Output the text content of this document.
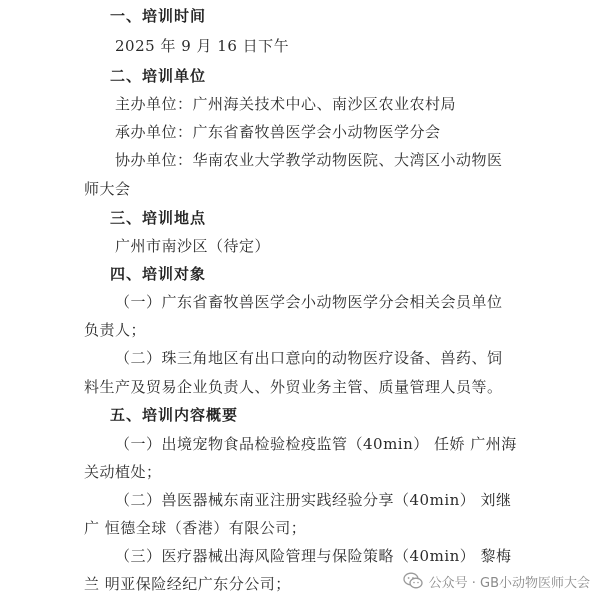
一、培训时间
2025 年 9 月 16 日下午
二、培训单位
主办单位：广州海关技术中心、南沙区农业农村局
承办单位：广东省畜牧兽医学会小动物医学分会
协办单位：华南农业大学教学动物医院、大湾区小动物医
师大会
三、培训地点
广州市南沙区（待定）
四、培训对象
（一）广东省畜牧兽医学会小动物医学分会相关会员单位
负责人；
（二）珠三角地区有出口意向的动物医疗设备、兽药、饲
料生产及贸易企业负责人、外贸业务主管、质量管理人员等。
五、培训内容概要
（一）出境宠物食品检验检疫监管（40min） 任娇 广州海
关动植处；
（二）兽医器械东南亚注册实践经验分享（40min） 刘继
广 恒德全球（香港）有限公司；
（三）医疗器械出海风险管理与保险策略（40min） 黎梅
兰 明亚保险经纪广东分公司；	公众号 · GB小动物医师大会
